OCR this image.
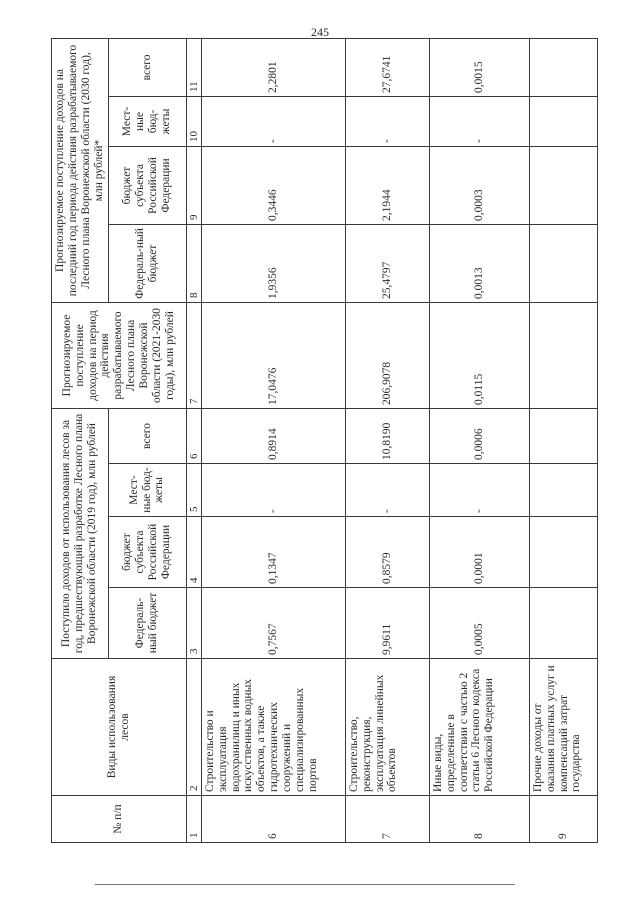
245
№ п/п	Виды использования лесов	Поступило доходов от использования лесов за год, предшествующий разработке Лесного плана Воронежской области (2019 год), млн рублей				Прогнозируемое поступление доходов на период действия разрабатываемого Лесного плана Воронежской области (2021-2030 годы), млн рублей	Прогнозируемое поступление доходов на последний год периода действия разрабатываемого Лесного плана Воронежской области (2030 год), млн рублей*			
		Федераль-ный бюджет	бюджет субъекта Российской Федерации	Мест-ные бюд-жеты	всего		Федераль-ный бюджет	бюджет субъекта Российской Федерации	Мест-ные бюд-жеты	всего
1	2	3	4	5	6	7	8	9	10	11
6	Строительство и эксплуатация водохранилищ и иных искусственных водных объектов, а также гидротехнических сооружений и специализированных портов	0,7567	0,1347	-	0,8914	17,0476	1,9356	0,3446	-	2,2801
7	Строительство, реконструкция, эксплуатация линейных объектов	9,9611	0,8579	-	10,8190	206,9078	25,4797	2,1944	-	27,6741
8	Иные виды, определенные в соответствии с частью 2 статьи 6 Лесного кодекса Российской Федерации	0,0005	0,0001	-	0,0006	0,0115	0,0013	0,0003	-	0,0015
9	Прочие доходы от оказания платных услуг и компенсаций затрат государства									
